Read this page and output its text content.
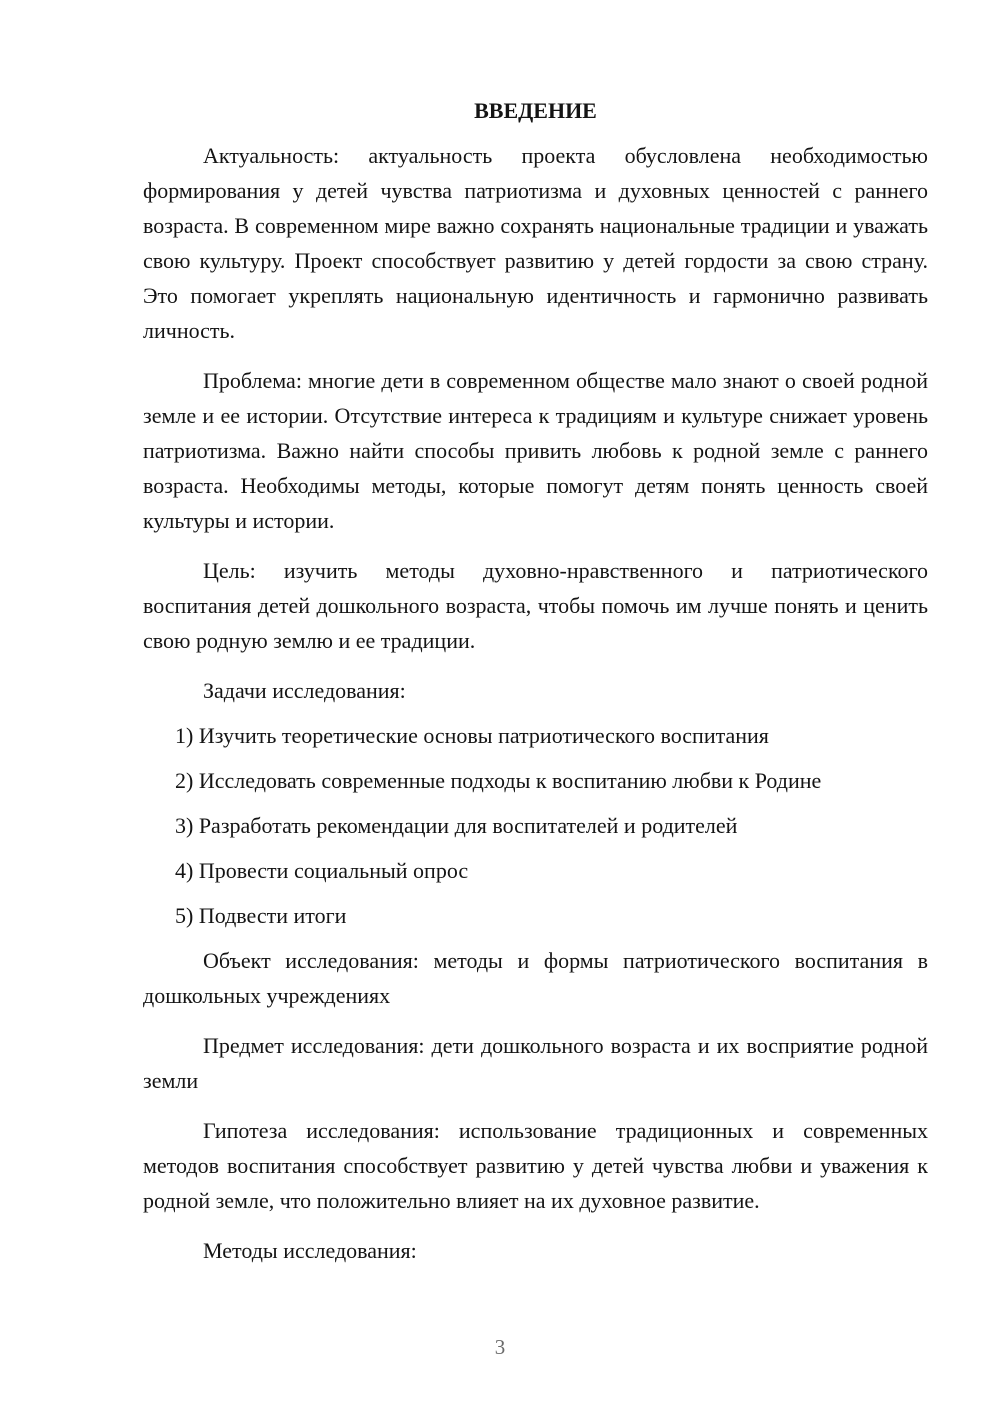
ВВЕДЕНИЕ

Актуальность: актуальность проекта обусловлена необходимостью формирования у детей чувства патриотизма и духовных ценностей с раннего возраста. В современном мире важно сохранять национальные традиции и уважать свою культуру. Проект способствует развитию у детей гордости за свою страну. Это помогает укреплять национальную идентичность и гармонично развивать личность.

Проблема: многие дети в современном обществе мало знают о своей родной земле и ее истории. Отсутствие интереса к традициям и культуре снижает уровень патриотизма. Важно найти способы привить любовь к родной земле с раннего возраста. Необходимы методы, которые помогут детям понять ценность своей культуры и истории.

Цель: изучить методы духовно-нравственного и патриотического воспитания детей дошкольного возраста, чтобы помочь им лучше понять и ценить свою родную землю и ее традиции.

Задачи исследования:

1) Изучить теоретические основы патриотического воспитания
2) Исследовать современные подходы к воспитанию любви к Родине
3) Разработать рекомендации для воспитателей и родителей
4) Провести социальный опрос
5) Подвести итоги

Объект исследования: методы и формы патриотического воспитания в дошкольных учреждениях

Предмет исследования: дети дошкольного возраста и их восприятие родной земли

Гипотеза исследования: использование традиционных и современных методов воспитания способствует развитию у детей чувства любви и уважения к родной земле, что положительно влияет на их духовное развитие.

Методы исследования:

3
